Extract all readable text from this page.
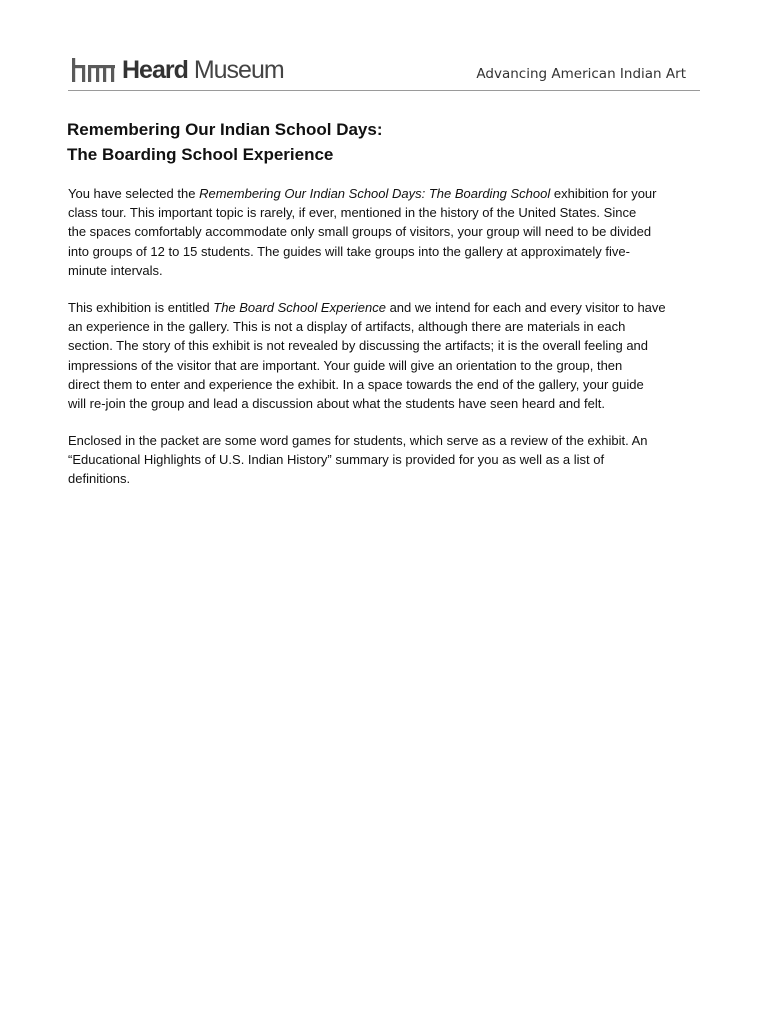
Heard Museum	Advancing American Indian Art
Remembering Our Indian School Days:
The Boarding School Experience
You have selected the Remembering Our Indian School Days: The Boarding School exhibition for your
class tour. This important topic is rarely, if ever, mentioned in the history of the United States. Since
the spaces comfortably accommodate only small groups of visitors, your group will need to be divided
into groups of 12 to 15 students. The guides will take groups into the gallery at approximately five-
minute intervals.
This exhibition is entitled The Board School Experience and we intend for each and every visitor to have
an experience in the gallery. This is not a display of artifacts, although there are materials in each
section. The story of this exhibit is not revealed by discussing the artifacts; it is the overall feeling and
impressions of the visitor that are important. Your guide will give an orientation to the group, then
direct them to enter and experience the exhibit. In a space towards the end of the gallery, your guide
will re-join the group and lead a discussion about what the students have seen heard and felt.
Enclosed in the packet are some word games for students, which serve as a review of the exhibit. An
“Educational Highlights of U.S. Indian History” summary is provided for you as well as a list of
definitions.
